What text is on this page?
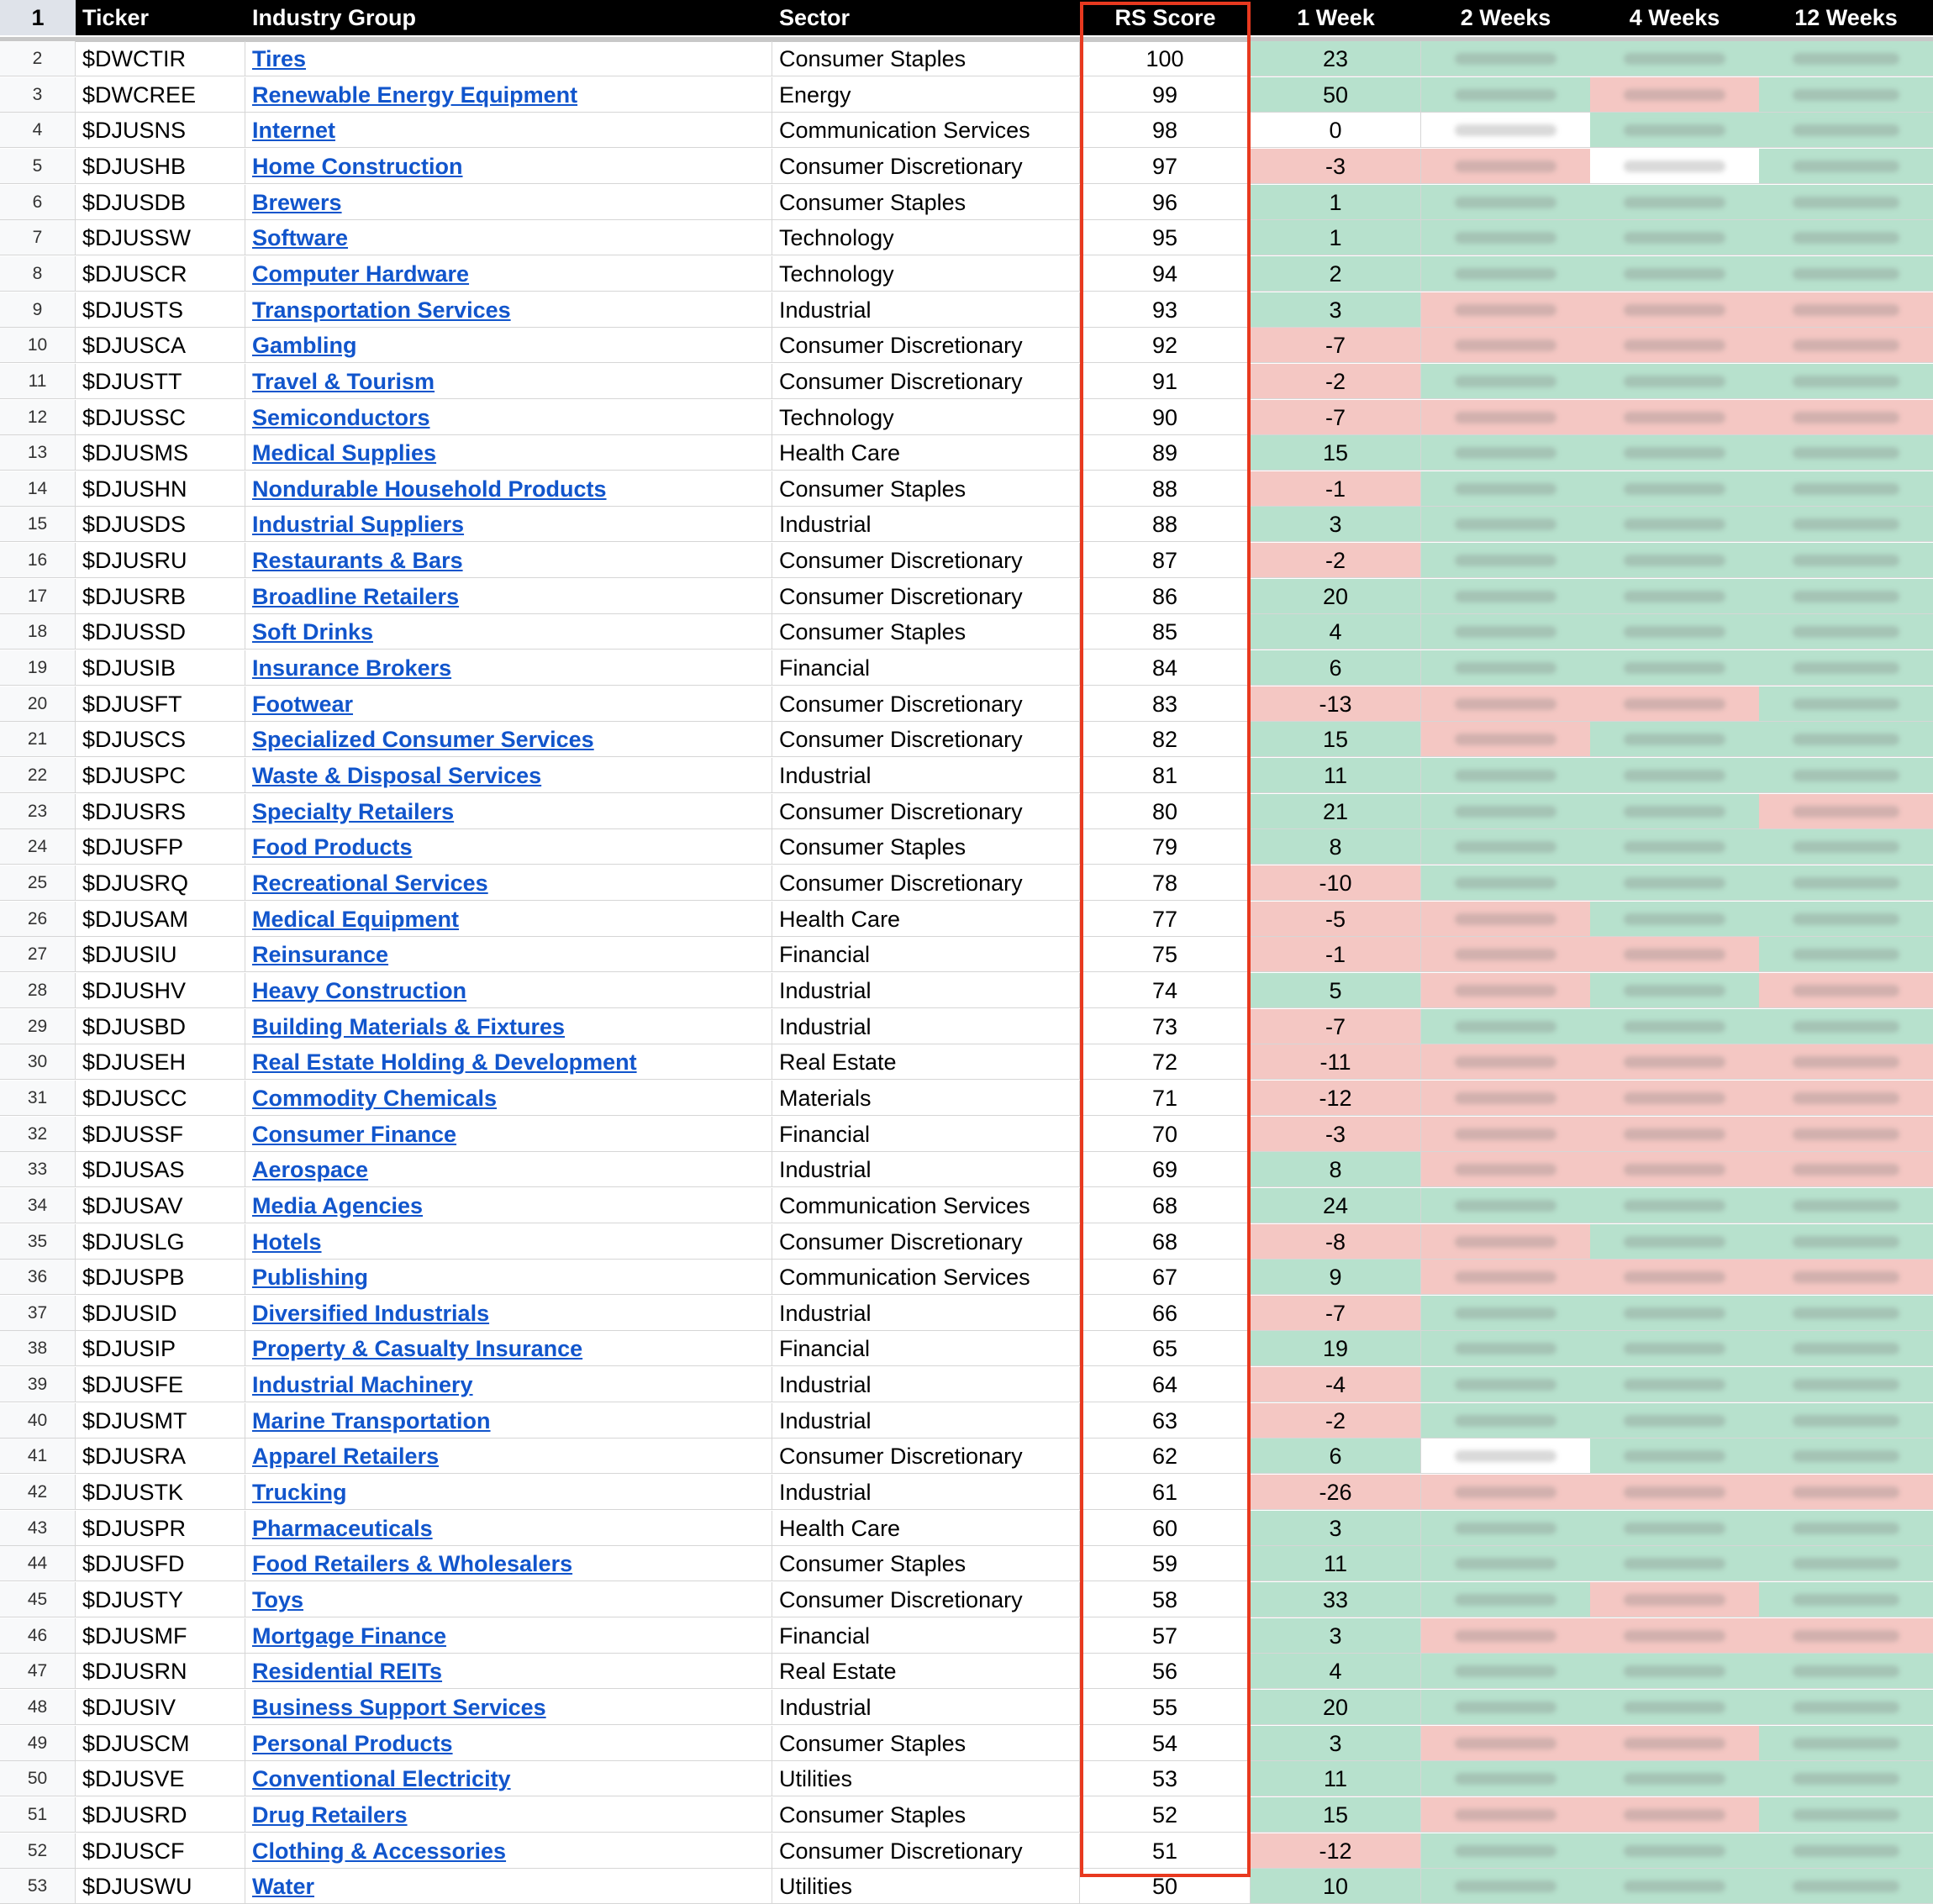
1	Ticker	Industry Group	Sector	RS Score	1 Week	2 Weeks	4 Weeks	12 Weeks
2	$DWCTIR	Tires	Consumer Staples	100	23
3	$DWCREE	Renewable Energy Equipment	Energy	99	50
4	$DJUSNS	Internet	Communication Services	98	0
5	$DJUSHB	Home Construction	Consumer Discretionary	97	-3
6	$DJUSDB	Brewers	Consumer Staples	96	1
7	$DJUSSW	Software	Technology	95	1
8	$DJUSCR	Computer Hardware	Technology	94	2
9	$DJUSTS	Transportation Services	Industrial	93	3
10	$DJUSCA	Gambling	Consumer Discretionary	92	-7
11	$DJUSTT	Travel & Tourism	Consumer Discretionary	91	-2
12	$DJUSSC	Semiconductors	Technology	90	-7
13	$DJUSMS	Medical Supplies	Health Care	89	15
14	$DJUSHN	Nondurable Household Products	Consumer Staples	88	-1
15	$DJUSDS	Industrial Suppliers	Industrial	88	3
16	$DJUSRU	Restaurants & Bars	Consumer Discretionary	87	-2
17	$DJUSRB	Broadline Retailers	Consumer Discretionary	86	20
18	$DJUSSD	Soft Drinks	Consumer Staples	85	4
19	$DJUSIB	Insurance Brokers	Financial	84	6
20	$DJUSFT	Footwear	Consumer Discretionary	83	-13
21	$DJUSCS	Specialized Consumer Services	Consumer Discretionary	82	15
22	$DJUSPC	Waste & Disposal Services	Industrial	81	11
23	$DJUSRS	Specialty Retailers	Consumer Discretionary	80	21
24	$DJUSFP	Food Products	Consumer Staples	79	8
25	$DJUSRQ	Recreational Services	Consumer Discretionary	78	-10
26	$DJUSAM	Medical Equipment	Health Care	77	-5
27	$DJUSIU	Reinsurance	Financial	75	-1
28	$DJUSHV	Heavy Construction	Industrial	74	5
29	$DJUSBD	Building Materials & Fixtures	Industrial	73	-7
30	$DJUSEH	Real Estate Holding & Development	Real Estate	72	-11
31	$DJUSCC	Commodity Chemicals	Materials	71	-12
32	$DJUSSF	Consumer Finance	Financial	70	-3
33	$DJUSAS	Aerospace	Industrial	69	8
34	$DJUSAV	Media Agencies	Communication Services	68	24
35	$DJUSLG	Hotels	Consumer Discretionary	68	-8
36	$DJUSPB	Publishing	Communication Services	67	9
37	$DJUSID	Diversified Industrials	Industrial	66	-7
38	$DJUSIP	Property & Casualty Insurance	Financial	65	19
39	$DJUSFE	Industrial Machinery	Industrial	64	-4
40	$DJUSMT	Marine Transportation	Industrial	63	-2
41	$DJUSRA	Apparel Retailers	Consumer Discretionary	62	6
42	$DJUSTK	Trucking	Industrial	61	-26
43	$DJUSPR	Pharmaceuticals	Health Care	60	3
44	$DJUSFD	Food Retailers & Wholesalers	Consumer Staples	59	11
45	$DJUSTY	Toys	Consumer Discretionary	58	33
46	$DJUSMF	Mortgage Finance	Financial	57	3
47	$DJUSRN	Residential REITs	Real Estate	56	4
48	$DJUSIV	Business Support Services	Industrial	55	20
49	$DJUSCM	Personal Products	Consumer Staples	54	3
50	$DJUSVE	Conventional Electricity	Utilities	53	11
51	$DJUSRD	Drug Retailers	Consumer Staples	52	15
52	$DJUSCF	Clothing & Accessories	Consumer Discretionary	51	-12
53	$DJUSWU	Water	Utilities	50	10
